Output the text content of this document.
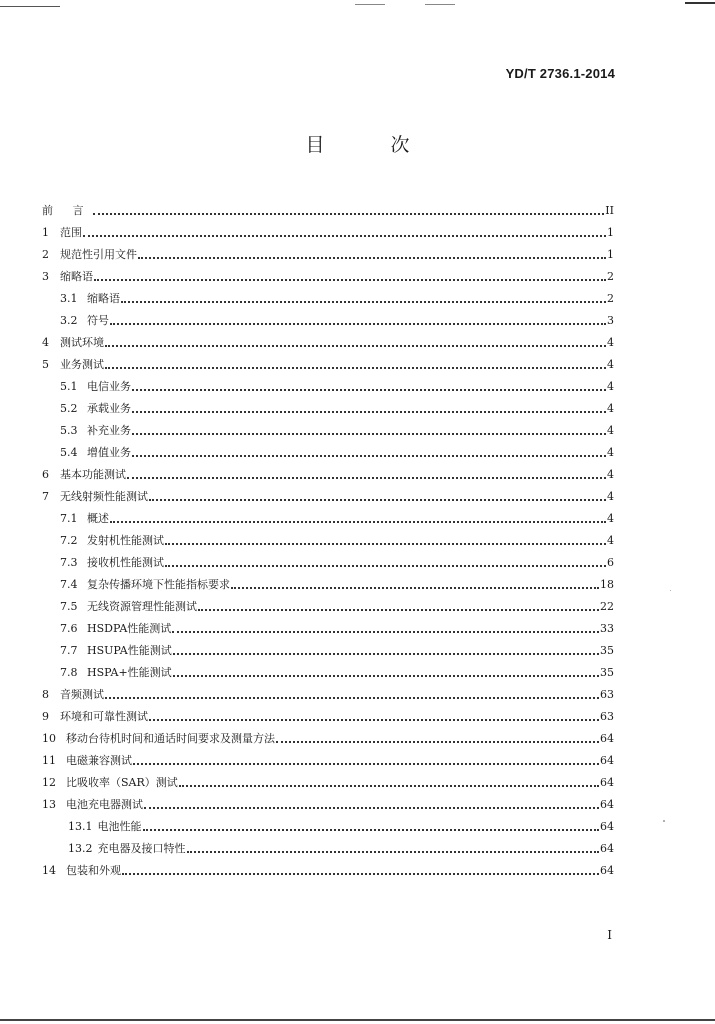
YD/T 2736.1-2014
目 次
前 言	II
1	范围	1
2	规范性引用文件	1
3	缩略语	2
3.1 缩略语	2
3.2 符号	3
4	测试环境	4
5	业务测试	4
5.1 电信业务	4
5.2 承载业务	4
5.3 补充业务	4
5.4 增值业务	4
6	基本功能测试	4
7	无线射频性能测试	4
7.1 概述	4
7.2 发射机性能测试	4
7.3 接收机性能测试	6
7.4 复杂传播环境下性能指标要求	18
7.5 无线资源管理性能测试	22
7.6 HSDPA性能测试	33
7.7 HSUPA性能测试	35
7.8 HSPA+性能测试	35
8	音频测试	63
9	环境和可靠性测试	63
10 移动台待机时间和通话时间要求及测量方法	64
11 电磁兼容测试	64
12 比吸收率（SAR）测试	64
13 电池充电器测试	64
13.1 电池性能	64
13.2 充电器及接口特性	64
14 包装和外观	64
I
